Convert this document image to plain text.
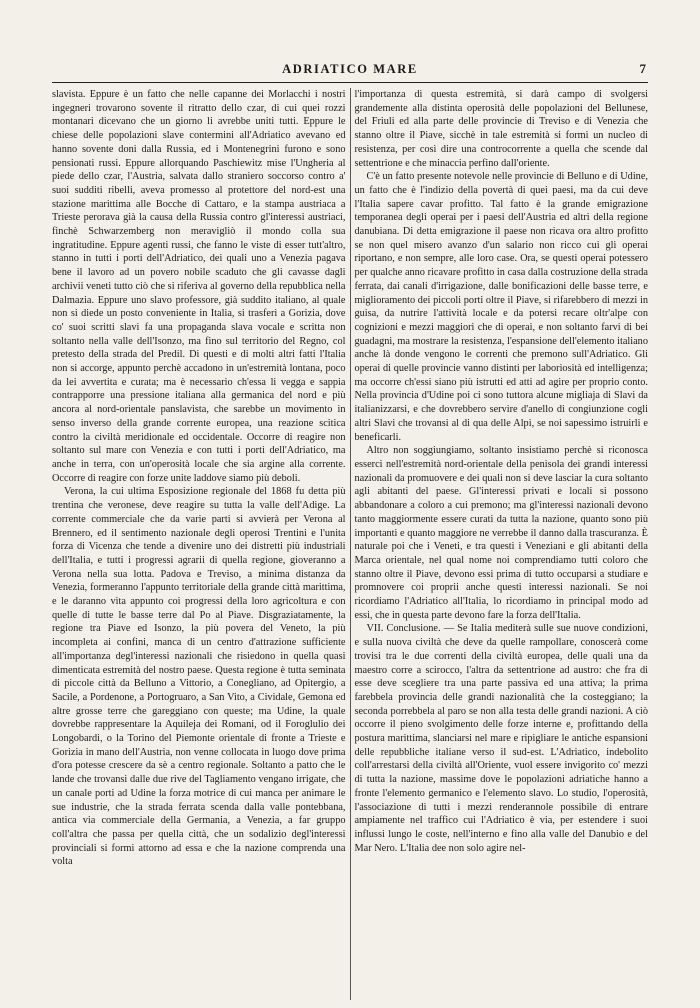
ADRIATICO MARE	7

slavista. Eppure è un fatto che nelle capanne dei Morlacchi i nostri ingegneri trovarono sovente il ritratto dello czar, di cui quei rozzi montanari dicevano che un giorno li avrebbe uniti tutti. Eppure le chiese delle popolazioni slave contermini all'Adriatico avevano ed hanno sovente doni dalla Russia, ed i Montenegrini furono e sono pensionati russi. Eppure allorquando Paschiewitz mise l'Ungheria al piede dello czar, l'Austria, salvata dallo straniero soccorso contro a' suoi sudditi ribelli, aveva promesso al protettore del nord-est una stazione marittima alle Bocche di Cattaro, e la stampa austriaca a Trieste perorava già la causa della Russia contro gl'interessi austriaci, finchè Schwarzemberg non meravigliò il mondo colla sua ingratitudine. Eppure agenti russi, che fanno le viste di esser tutt'altro, stanno in tutti i porti dell'Adriatico, dei quali uno a Venezia pagava bene il lavoro ad un povero nobile scaduto che gli cavasse dagli archivii veneti tutto ciò che si riferiva al governo della repubblica nella Dalmazia. Eppure uno slavo professore, già suddito italiano, al quale non si diede un posto conveniente in Italia, si trasferì a Gorizia, dove co' suoi scritti slavi fa una propaganda slava vocale e scritta non soltanto nella valle dell'Isonzo, ma fino sul territorio del Regno, col pretesto della strada del Predil. Di questi e di molti altri fatti l'Italia non si accorge, appunto perchè accadono in un'estremità lontana, poco da lei avvertita e curata; ma è necessario ch'essa li vegga e sappia contrapporre una pressione italiana alla germanica del nord e più ancora al nord-orientale panslavista, che sarebbe un movimento in senso inverso della grande corrente europea, una reazione scitica contro la civiltà meridionale ed occidentale. Occorre di reagire non soltanto sul mare con Venezia e con tutti i porti dell'Adriatico, ma anche in terra, con un'operosità locale che sia argine alla corrente. Occorre di reagire con forze unite laddove siamo più deboli.

Verona, la cui ultima Esposizione regionale del 1868 fu detta più trentina che veronese, deve reagire su tutta la valle dell'Adige. La corrente commerciale che da varie parti si avvierà per Verona al Brennero, ed il sentimento nazionale degli operosi Trentini e l'unita forza di Vicenza che tende a divenire uno dei distretti più industriali dell'Italia, e tutti i progressi agrarii di quella regione, gioveranno a Verona nella sua lotta. Padova e Treviso, a minima distanza da Venezia, formeranno l'appunto territoriale della grande città marittima, e le daranno vita appunto coi progressi della loro agricoltura e con quelle di tutte le basse terre dal Po al Piave. Disgraziatamente, la regione tra Piave ed Isonzo, la più povera del Veneto, la più incompleta ai confini, manca di un centro d'attrazione sufficiente all'importanza degl'interessi nazionali che risiedono in quella quasi dimenticata estremità del nostro paese. Questa regione è tutta seminata di piccole città da Belluno a Vittorio, a Conegliano, ad Opitergio, a Sacile, a Pordenone, a Portogruaro, a San Vito, a Cividale, Gemona ed altre grosse terre che gareggiano con queste; ma Udine, la quale dovrebbe rappresentare la Aquileja dei Romani, od il Foroglulio dei Longobardi, o la Torino del Piemonte orientale di fronte a Trieste e Gorizia in mano dell'Austria, non venne collocata in luogo dove prima d'ora potesse crescere da sè a centro regionale. Soltanto a patto che le lande che trovansi dalle due rive del Tagliamento vengano irrigate, che un canale porti ad Udine la forza motrice di cui manca per animare le sue industrie, che la strada ferrata scenda dalla valle pontebbana, antica via commerciale della Germania, a Venezia, a far gruppo coll'altra che passa per quella città, che un sodalizio degl'interessi provinciali si formi attorno ad essa e che la nazione comprenda una volta

l'importanza di questa estremità, si darà campo di svolgersi grandemente alla distinta operosità delle popolazioni del Bellunese, del Friuli ed alla parte delle provincie di Treviso e di Venezia che stanno oltre il Piave, sicchè in tale estremità si formi un nucleo di resistenza, per così dire una controcorrente a quella che scende dal settentrione e che minaccia perfino dall'oriente.

C'è un fatto presente notevole nelle provincie di Belluno e di Udine, un fatto che è l'indizio della povertà di quei paesi, ma da cui deve l'Italia sapere cavar profitto. Tal fatto è la grande emigrazione temporanea degli operai per i paesi dell'Austria ed altri della regione danubiana. Di detta emigrazione il paese non ricava ora altro profitto se non quel misero avanzo d'un salario non ricco cui gli operai riportano, e non sempre, alle loro case. Ora, se questi operai potessero per qualche anno ricavare profitto in casa dalla costruzione della strada ferrata, dai canali d'irrigazione, dalle bonificazioni delle basse terre, e miglioramento dei piccoli porti oltre il Piave, si rifarebbero di mezzi in guisa, da nutrire l'attività locale e da potersi recare oltr'alpe con cognizioni e mezzi maggiori che di operai, e non soltanto farvi di bei guadagni, ma mostrare la resistenza, l'espansione dell'elemento italiano anche là donde vengono le correnti che premono sull'Adriatico. Gli operai di quelle provincie vanno distinti per laboriosità ed intelligenza; ma occorre ch'essi siano più istrutti ed atti ad agire per proprio conto. Nella provincia d'Udine poi ci sono tuttora alcune migliaja di Slavi da italianizzarsi, e che dovrebbero servire d'anello di congiunzione cogli altri Slavi che trovansi al di qua delle Alpi, se noi sapessimo istruirli e beneficarli.

Altro non soggiungiamo, soltanto insistiamo perchè si riconosca esserci nell'estremità nord-orientale della penisola dei grandi interessi nazionali da promuovere e dei quali non si deve lasciar la cura soltanto agli abitanti del paese. Gl'interessi privati e locali si possono abbandonare a coloro a cui premono; ma gl'interessi nazionali devono tanto maggiormente essere curati da tutta la nazione, quanto sono più importanti e quanto maggiore ne verrebbe il danno dalla trascuranza. È naturale poi che i Veneti, e tra questi i Veneziani e gli abitanti della Marca orientale, nel qual nome noi comprendiamo tutti coloro che stanno oltre il Piave, devono essi prima di tutto occuparsi a studiare e promnovere coi proprii anche questi interessi nazionali. Se noi ricordiamo l'Adriatico all'Italia, lo ricordiamo in principal modo ad essi, che in questa parte devono fare la forza dell'Italia.

VII. Conclusione. — Se Italia mediterà sulle sue nuove condizioni, e sulla nuova civiltà che deve da quelle rampollare, conoscerà come trovisi tra le due correnti della civiltà europea, delle quali una da maestro corre a scirocco, l'altra da settentrione ad austro: che fra di esse deve scegliere tra una parte passiva ed una attiva; la prima farebbela provincia delle grandi nazionalità che la costeggiano; la seconda porrebbela al paro se non alla testa delle grandi nazioni. A ciò occorre il pieno svolgimento delle forze interne e, profittando della postura marittima, slanciarsi nel mare e ripigliare le antiche espansioni delle repubbliche italiane verso il sud-est. L'Adriatico, indebolito coll'arrestarsi della civiltà all'Oriente, vuol essere invigorito co' mezzi di tutta la nazione, massime dove le popolazioni adriatiche hanno a fronte l'elemento germanico e l'elemento slavo. Lo studio, l'operosità, l'associazione di tutti i mezzi renderannole possibile di entrare ampiamente nel traffico cui l'Adriatico è via, per estendere i suoi influssi lungo le coste, nell'interno e fino alla valle del Danubio e del Mar Nero. L'Italia dee non solo agire nel-
